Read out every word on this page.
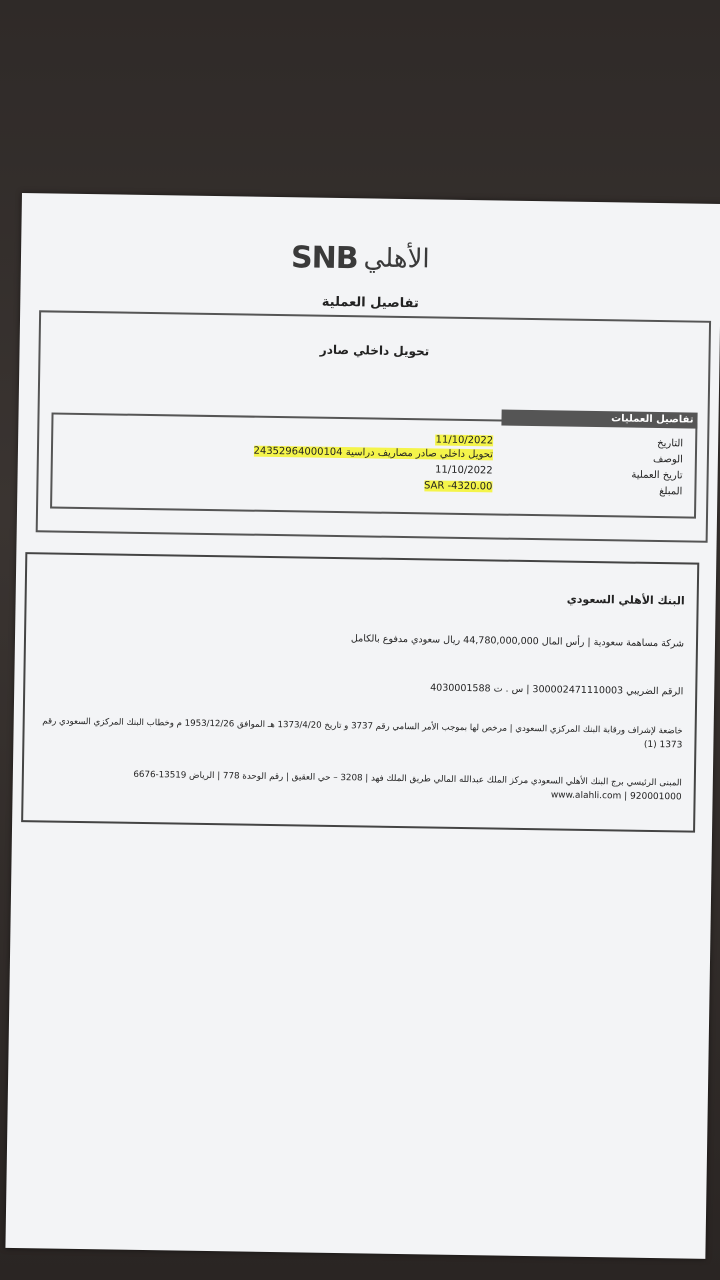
SNB الأهلي
تفاصيل العملية
تحويل داخلي صادر
تفاصيل العمليات
التاريخ
11/10/2022
الوصف
تحويل داخلي صادر مصاريف دراسية 24352964000104
تاريخ العملية
11/10/2022
المبلغ
SAR -4320.00
البنك الأهلي السعودي
شركة مساهمة سعودية | رأس المال 44,780,000,000 ريال سعودي مدفوع بالكامل
الرقم الضريبي 300002471110003 | س . ت 4030001588
خاضعة لإشراف ورقابة البنك المركزي السعودي | مرخص لها بموجب الأمر السامي رقم 3737 و تاريخ 1373/4/20 هـ الموافق 1953/12/26 م وخطاب البنك المركزي السعودي رقم
1373 (1)
المبنى الرئيسي برج البنك الأهلي السعودي مركز الملك عبدالله المالي طريق الملك فهد | 3208 – حي العقيق | رقم الوحدة 778 | الرياض 13519-6676
920001000 | www.alahli.com
